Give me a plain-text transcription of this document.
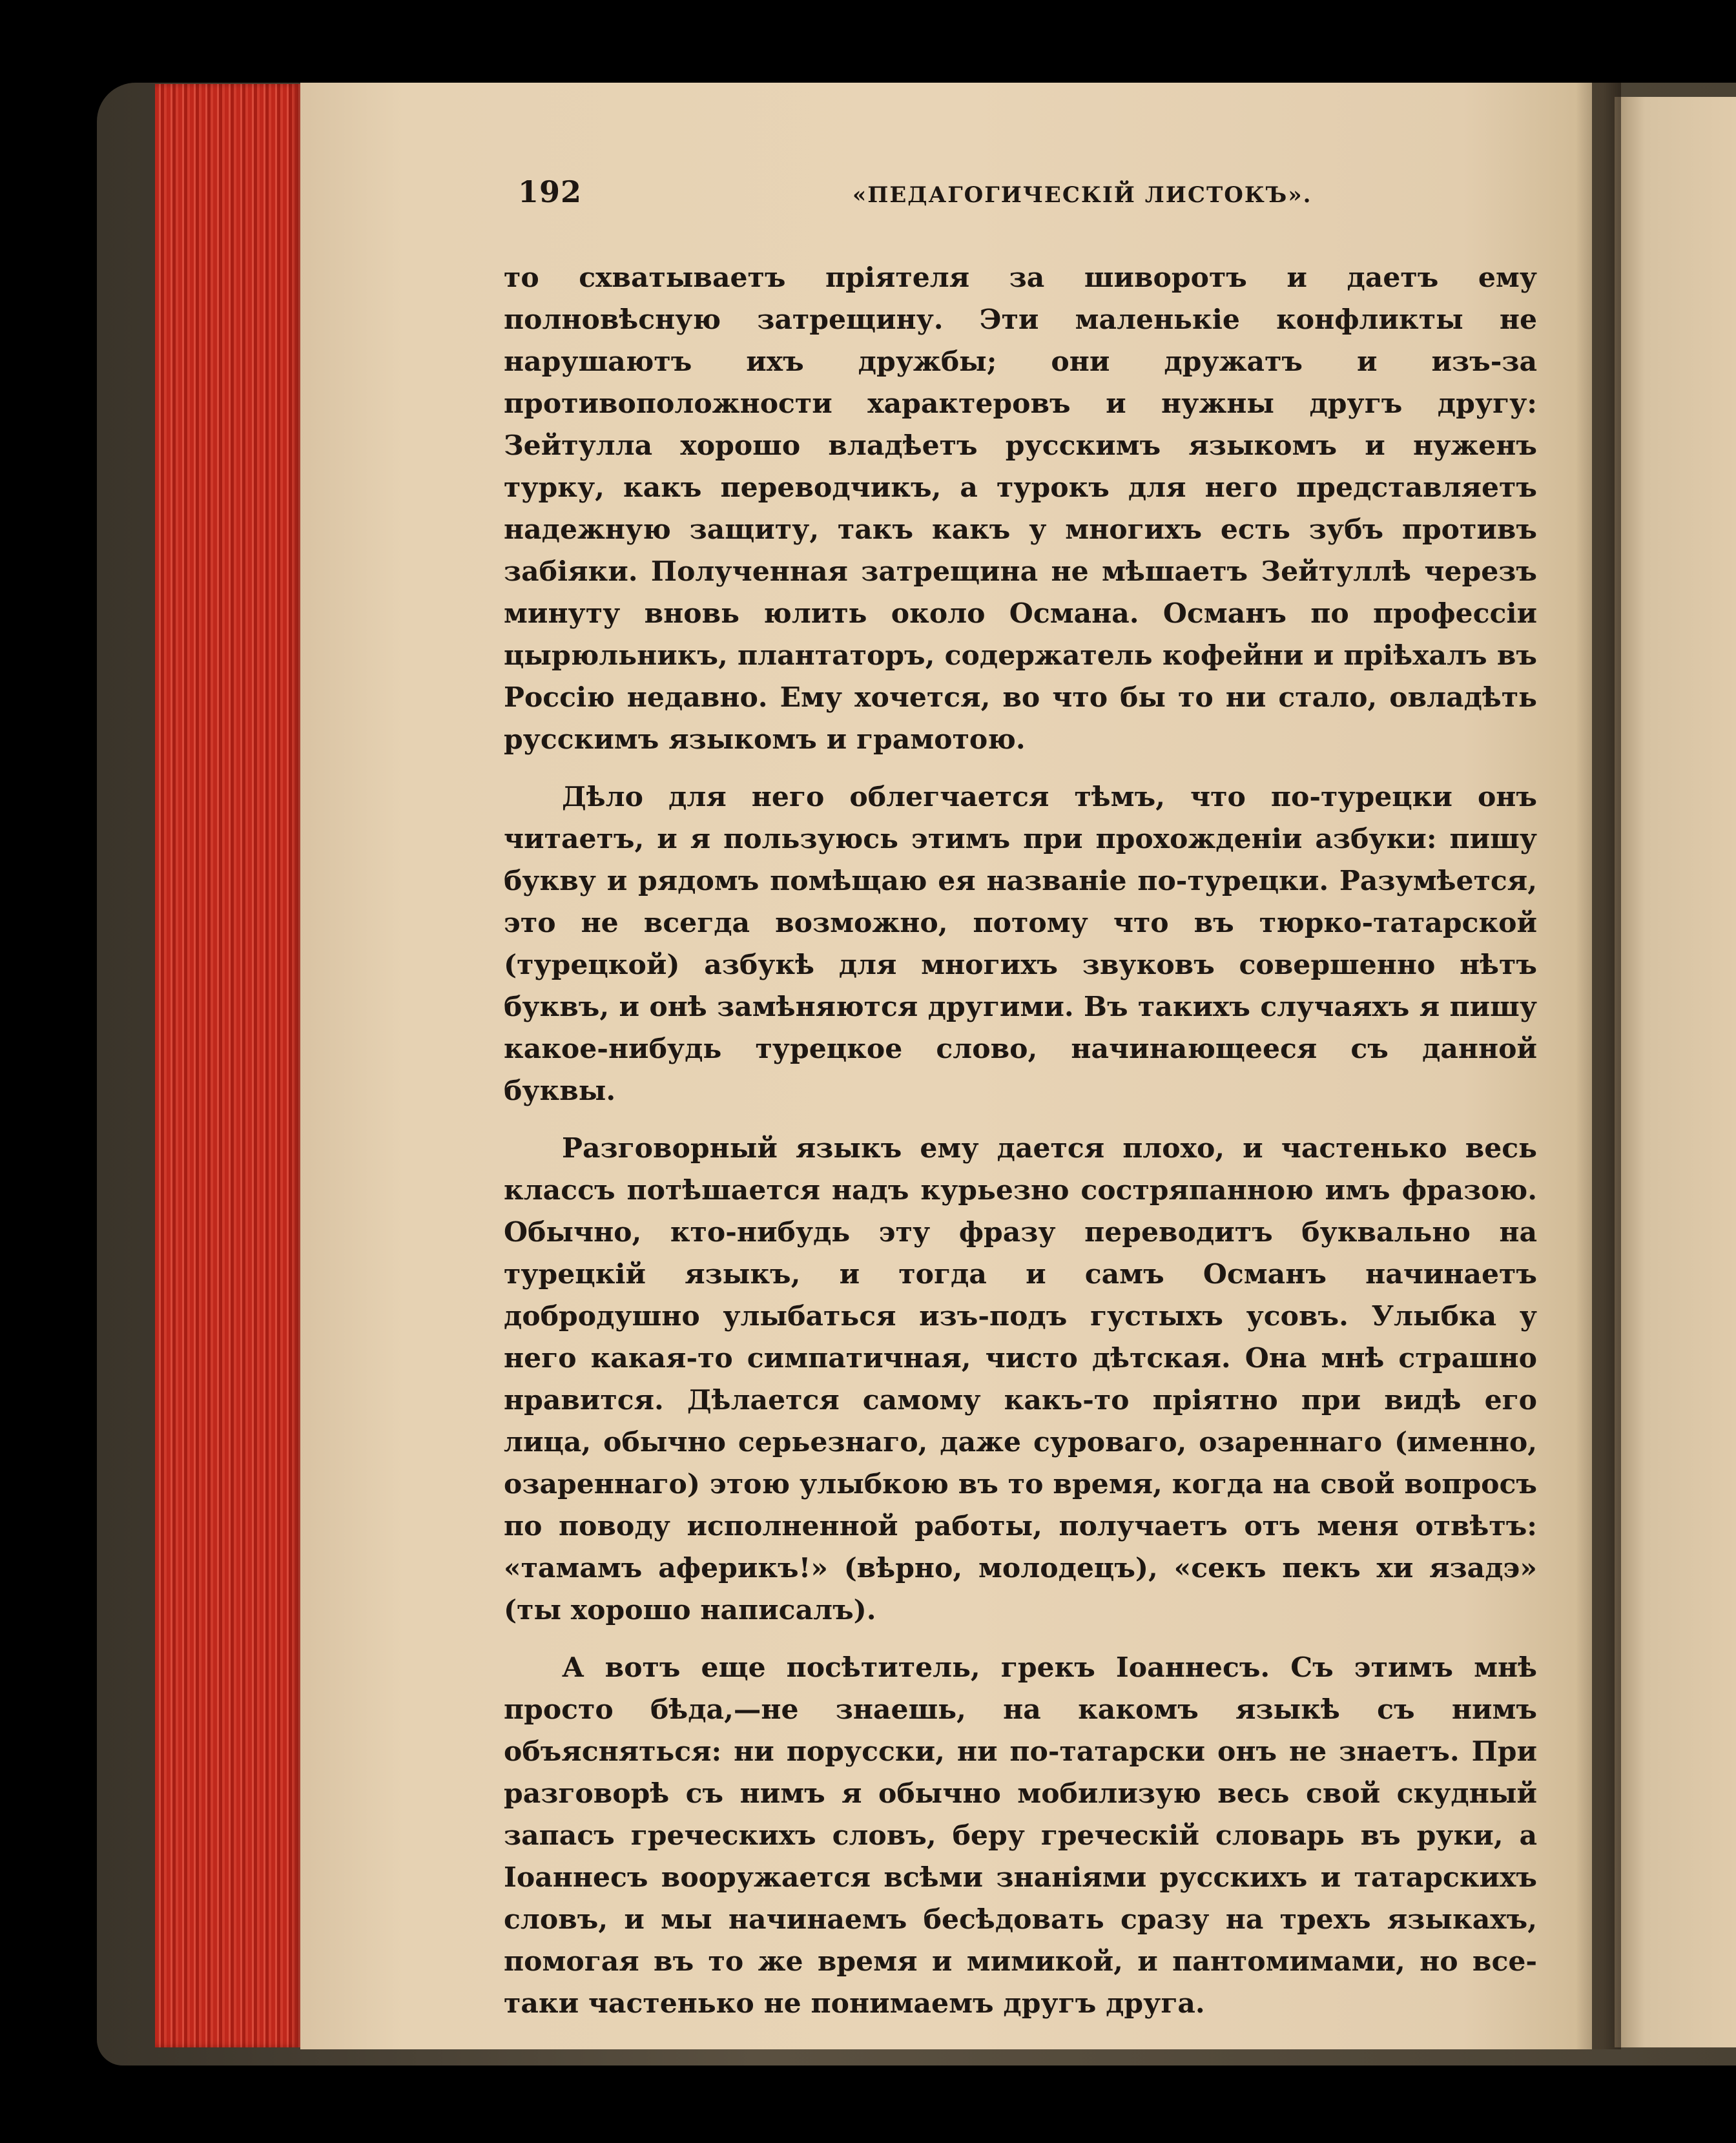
192	«ПЕДАГОГИЧЕСКІЙ ЛИСТОКЪ».

то схватываетъ пріятеля за шиворотъ и даетъ ему полновѣсную затрещину. Эти маленькіе конфликты не нарушаютъ ихъ дружбы; они дружатъ и изъ-за противоположности характеровъ и нужны другъ другу: Зейтулла хорошо владѣетъ русскимъ языкомъ и нуженъ турку, какъ переводчикъ, а турокъ для него представляетъ надежную защиту, такъ какъ у многихъ есть зубъ противъ забіяки. Полученная затрещина не мѣшаетъ Зейтуллѣ черезъ минуту вновь юлить около Османа. Османъ по профессіи цырюльникъ, плантаторъ, содержатель кофейни и пріѣхалъ въ Россію недавно. Ему хочется, во что бы то ни стало, овладѣть русскимъ языкомъ и грамотою.

Дѣло для него облегчается тѣмъ, что по-турецки онъ читаетъ, и я пользуюсь этимъ при прохожденіи азбуки: пишу букву и рядомъ помѣщаю ея названіе по-турецки. Разумѣется, это не всегда возможно, потому что въ тюрко-татарской (турецкой) азбукѣ для многихъ звуковъ совершенно нѣтъ буквъ, и онѣ замѣняются другими. Въ такихъ случаяхъ я пишу какое-нибудь турецкое слово, начинающееся съ данной буквы.

Разговорный языкъ ему дается плохо, и частенько весь классъ потѣшается надъ курьезно состряпанною имъ фразою. Обычно, кто-нибудь эту фразу переводитъ буквально на турецкій языкъ, и тогда и самъ Османъ начинаетъ добродушно улыбаться изъ-подъ густыхъ усовъ. Улыбка у него какая-то симпатичная, чисто дѣтская. Она мнѣ страшно нравится. Дѣлается самому какъ-то пріятно при видѣ его лица, обычно серьезнаго, даже суроваго, озареннаго (именно, озареннаго) этою улыбкою въ то время, когда на свой вопросъ по поводу исполненной работы, получаетъ отъ меня отвѣтъ: «тамамъ аферикъ!» (вѣрно, молодецъ), «секъ пекъ хи язадэ» (ты хорошо написалъ).

А вотъ еще посѣтитель, грекъ Іоаннесъ. Съ этимъ мнѣ просто бѣда,—не знаешь, на какомъ языкѣ съ нимъ объясняться: ни порусски, ни по-татарски онъ не знаетъ. При разговорѣ съ нимъ я обычно мобилизую весь свой скудный запасъ греческихъ словъ, беру греческій словарь въ руки, а Іоаннесъ вооружается всѣми знаніями русскихъ и татарскихъ словъ, и мы начинаемъ бесѣдовать сразу на трехъ языкахъ, помогая въ то же время и мимикой, и пантомимами, но все-таки частенько не понимаемъ другъ друга.
